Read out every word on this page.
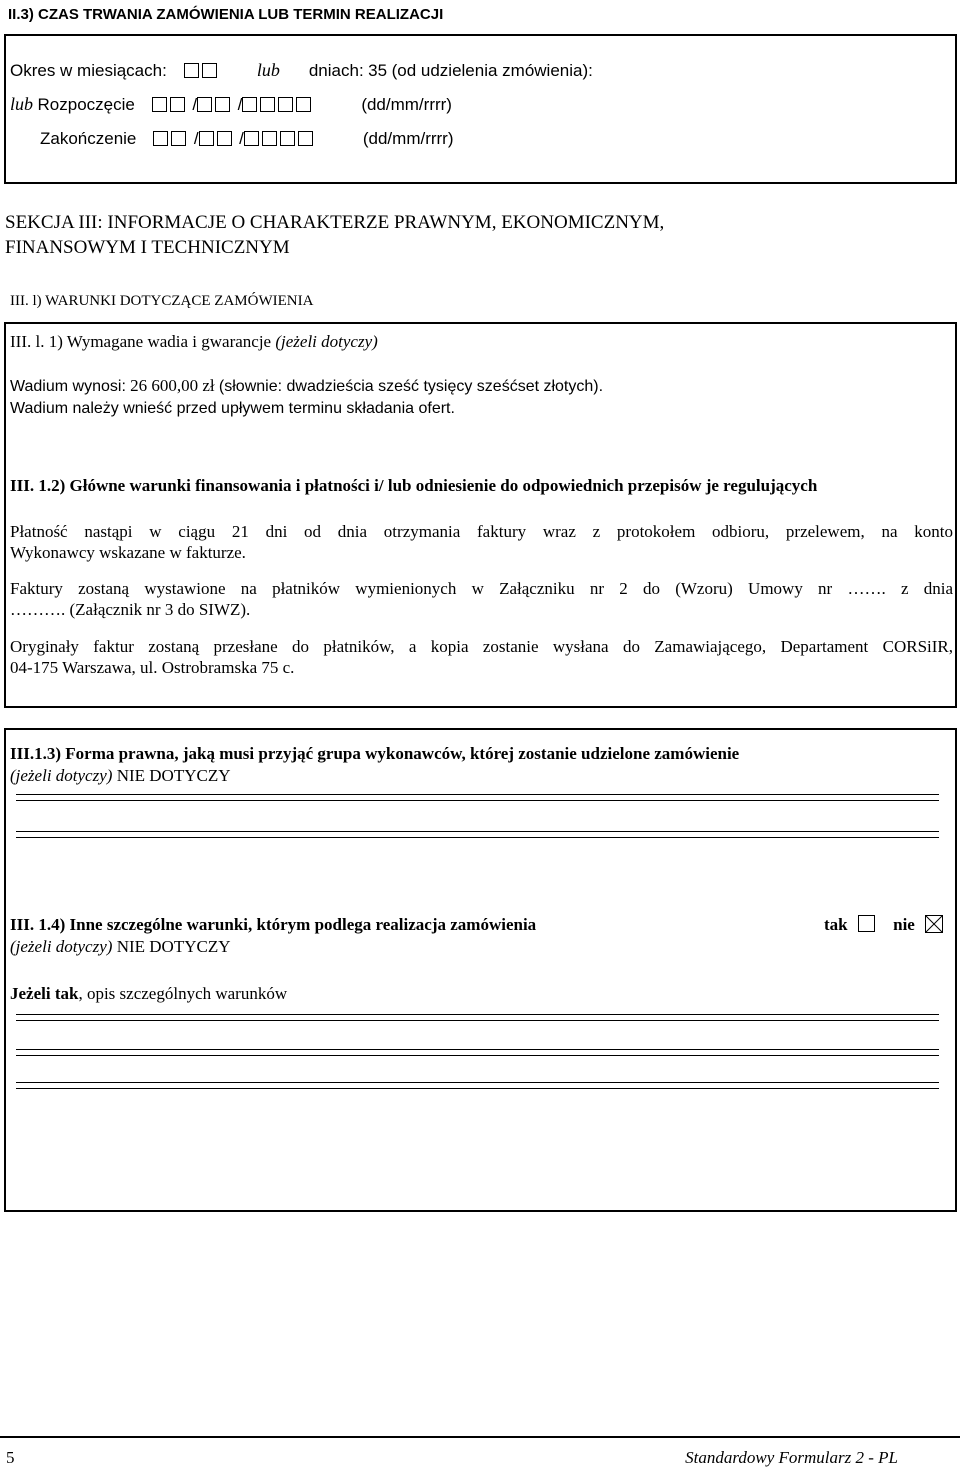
II.3) CZAS TRWANIA ZAMÓWIENIA LUB TERMIN REALIZACJI
Okres w miesiącach:	lub dniach: 35 (od udzielenia zmówienia):
lub Rozpoczęcie	/ /	(dd/mm/rrrr)
Zakończenie	/ /	(dd/mm/rrrr)
SEKCJA III: INFORMACJE O CHARAKTERZE PRAWNYM, EKONOMICZNYM,
FINANSOWYM I TECHNICZNYM
III. l) WARUNKI DOTYCZĄCE ZAMÓWIENIA
III. l. 1) Wymagane wadia i gwarancje (jeżeli dotyczy)
Wadium wynosi: 26 600,00 zł (słownie: dwadzieścia sześć tysięcy sześćset złotych).
Wadium należy wnieść przed upływem terminu składania ofert.
III. 1.2) Główne warunki finansowania i płatności i/ lub odniesienie do odpowiednich przepisów je regulujących
Płatność nastąpi w ciągu 21 dni od dnia otrzymania faktury wraz z protokołem odbioru, przelewem, na konto
Wykonawcy wskazane w fakturze.
Faktury zostaną wystawione na płatników wymienionych w Załączniku nr 2 do (Wzoru) Umowy nr ……. z dnia
………. (Załącznik nr 3 do SIWZ).
Oryginały faktur zostaną przesłane do płatników, a kopia zostanie wysłana do Zamawiającego, Departament CORSiIR,
04-175 Warszawa, ul. Ostrobramska 75 c.
III.1.3) Forma prawna, jaką musi przyjąć grupa wykonawców, której zostanie udzielone zamówienie
(jeżeli dotyczy) NIE DOTYCZY
III. 1.4) Inne szczególne warunki, którym podlega realizacja zamówienia	tak	nie
(jeżeli dotyczy) NIE DOTYCZY
Jeżeli tak, opis szczególnych warunków
5	Standardowy Formularz 2 - PL
